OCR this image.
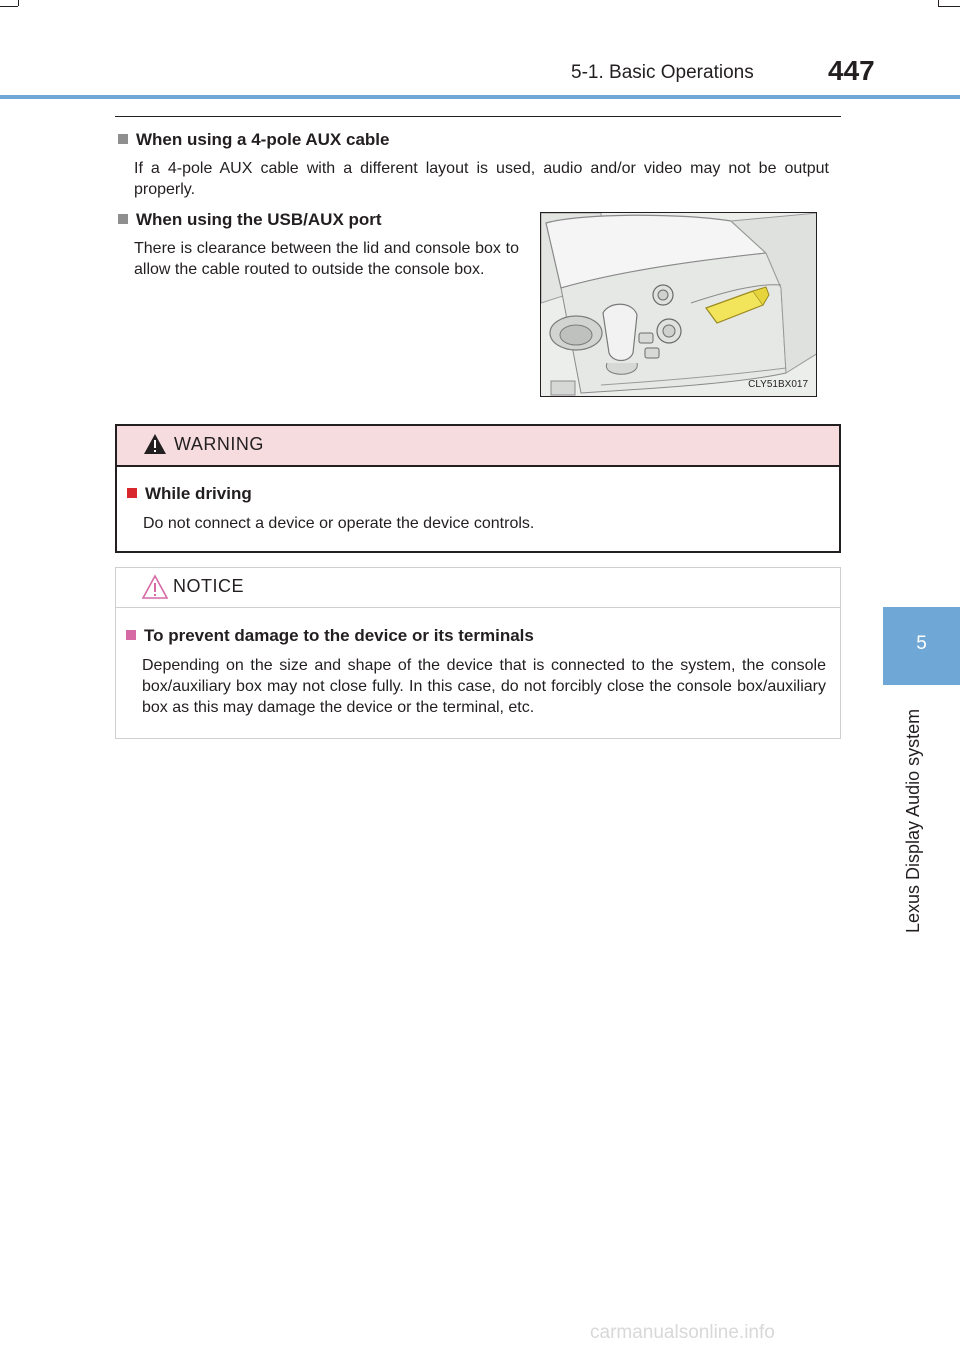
5-1. Basic Operations	447
5
Lexus Display Audio system
When using a 4-pole AUX cable
If a 4-pole AUX cable with a different layout is used, audio and/or video may not be output properly.
When using the USB/AUX port
There is clearance between the lid and console box to allow the cable routed to outside the console box.
CLY51BX017
WARNING
While driving
Do not connect a device or operate the device controls.
NOTICE
To prevent damage to the device or its terminals
Depending on the size and shape of the device that is connected to the system, the console box/auxiliary box may not close fully. In this case, do not forcibly close the console box/auxiliary box as this may damage the device or the terminal, etc.
carmanualsonline.info
